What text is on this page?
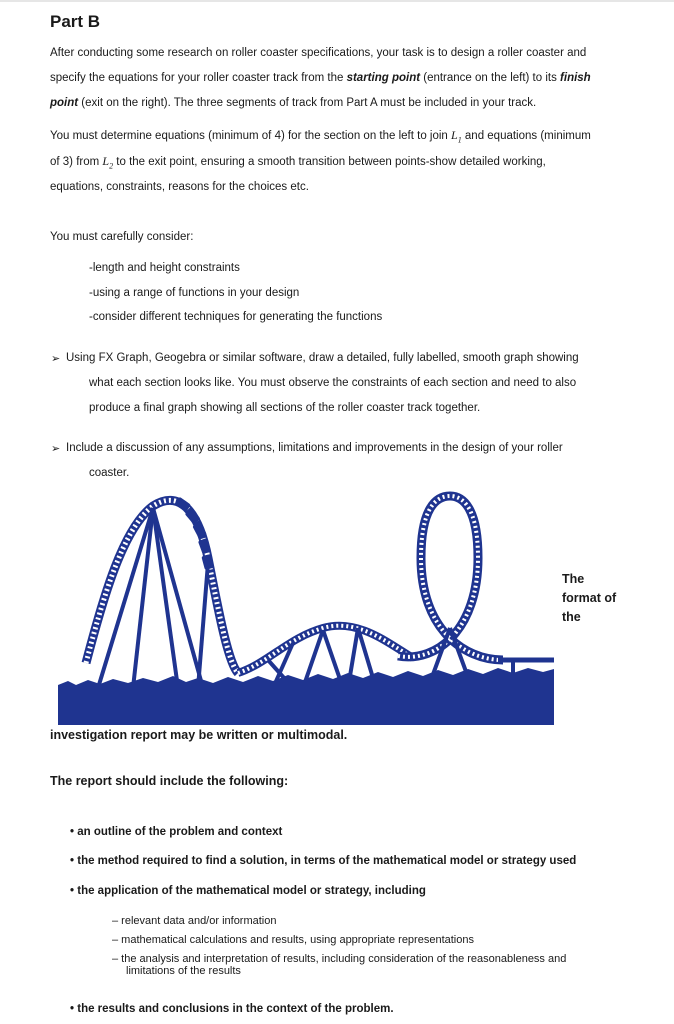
Part B
After conducting some research on roller coaster specifications, your task is to design a roller coaster and
specify the equations for your roller coaster track from the starting point (entrance on the left) to its finish
point (exit on the right). The three segments of track from Part A must be included in your track.
You must determine equations (minimum of 4) for the section on the left to join $L_1$ and equations (minimum
of 3) from $L_2$ to the exit point, ensuring a smooth transition between points-show detailed working,
equations, constraints, reasons for the choices etc.
You must carefully consider:
-length and height constraints
-using a range of functions in your design
-consider different techniques for generating the functions
➢ Using FX Graph, Geogebra or similar software, draw a detailed, fully labelled, smooth graph showing
what each section looks like. You must observe the constraints of each section and need to also
produce a final graph showing all sections of the roller coaster track together.
➢ Include a discussion of any assumptions, limitations and improvements in the design of your roller
coaster.
The
format of
the
investigation report may be written or multimodal.
The report should include the following:
• an outline of the problem and context
• the method required to find a solution, in terms of the mathematical model or strategy used
• the application of the mathematical model or strategy, including
– relevant data and/or information
– mathematical calculations and results, using appropriate representations
– the analysis and interpretation of results, including consideration of the reasonableness and
limitations of the results
• the results and conclusions in the context of the problem.
